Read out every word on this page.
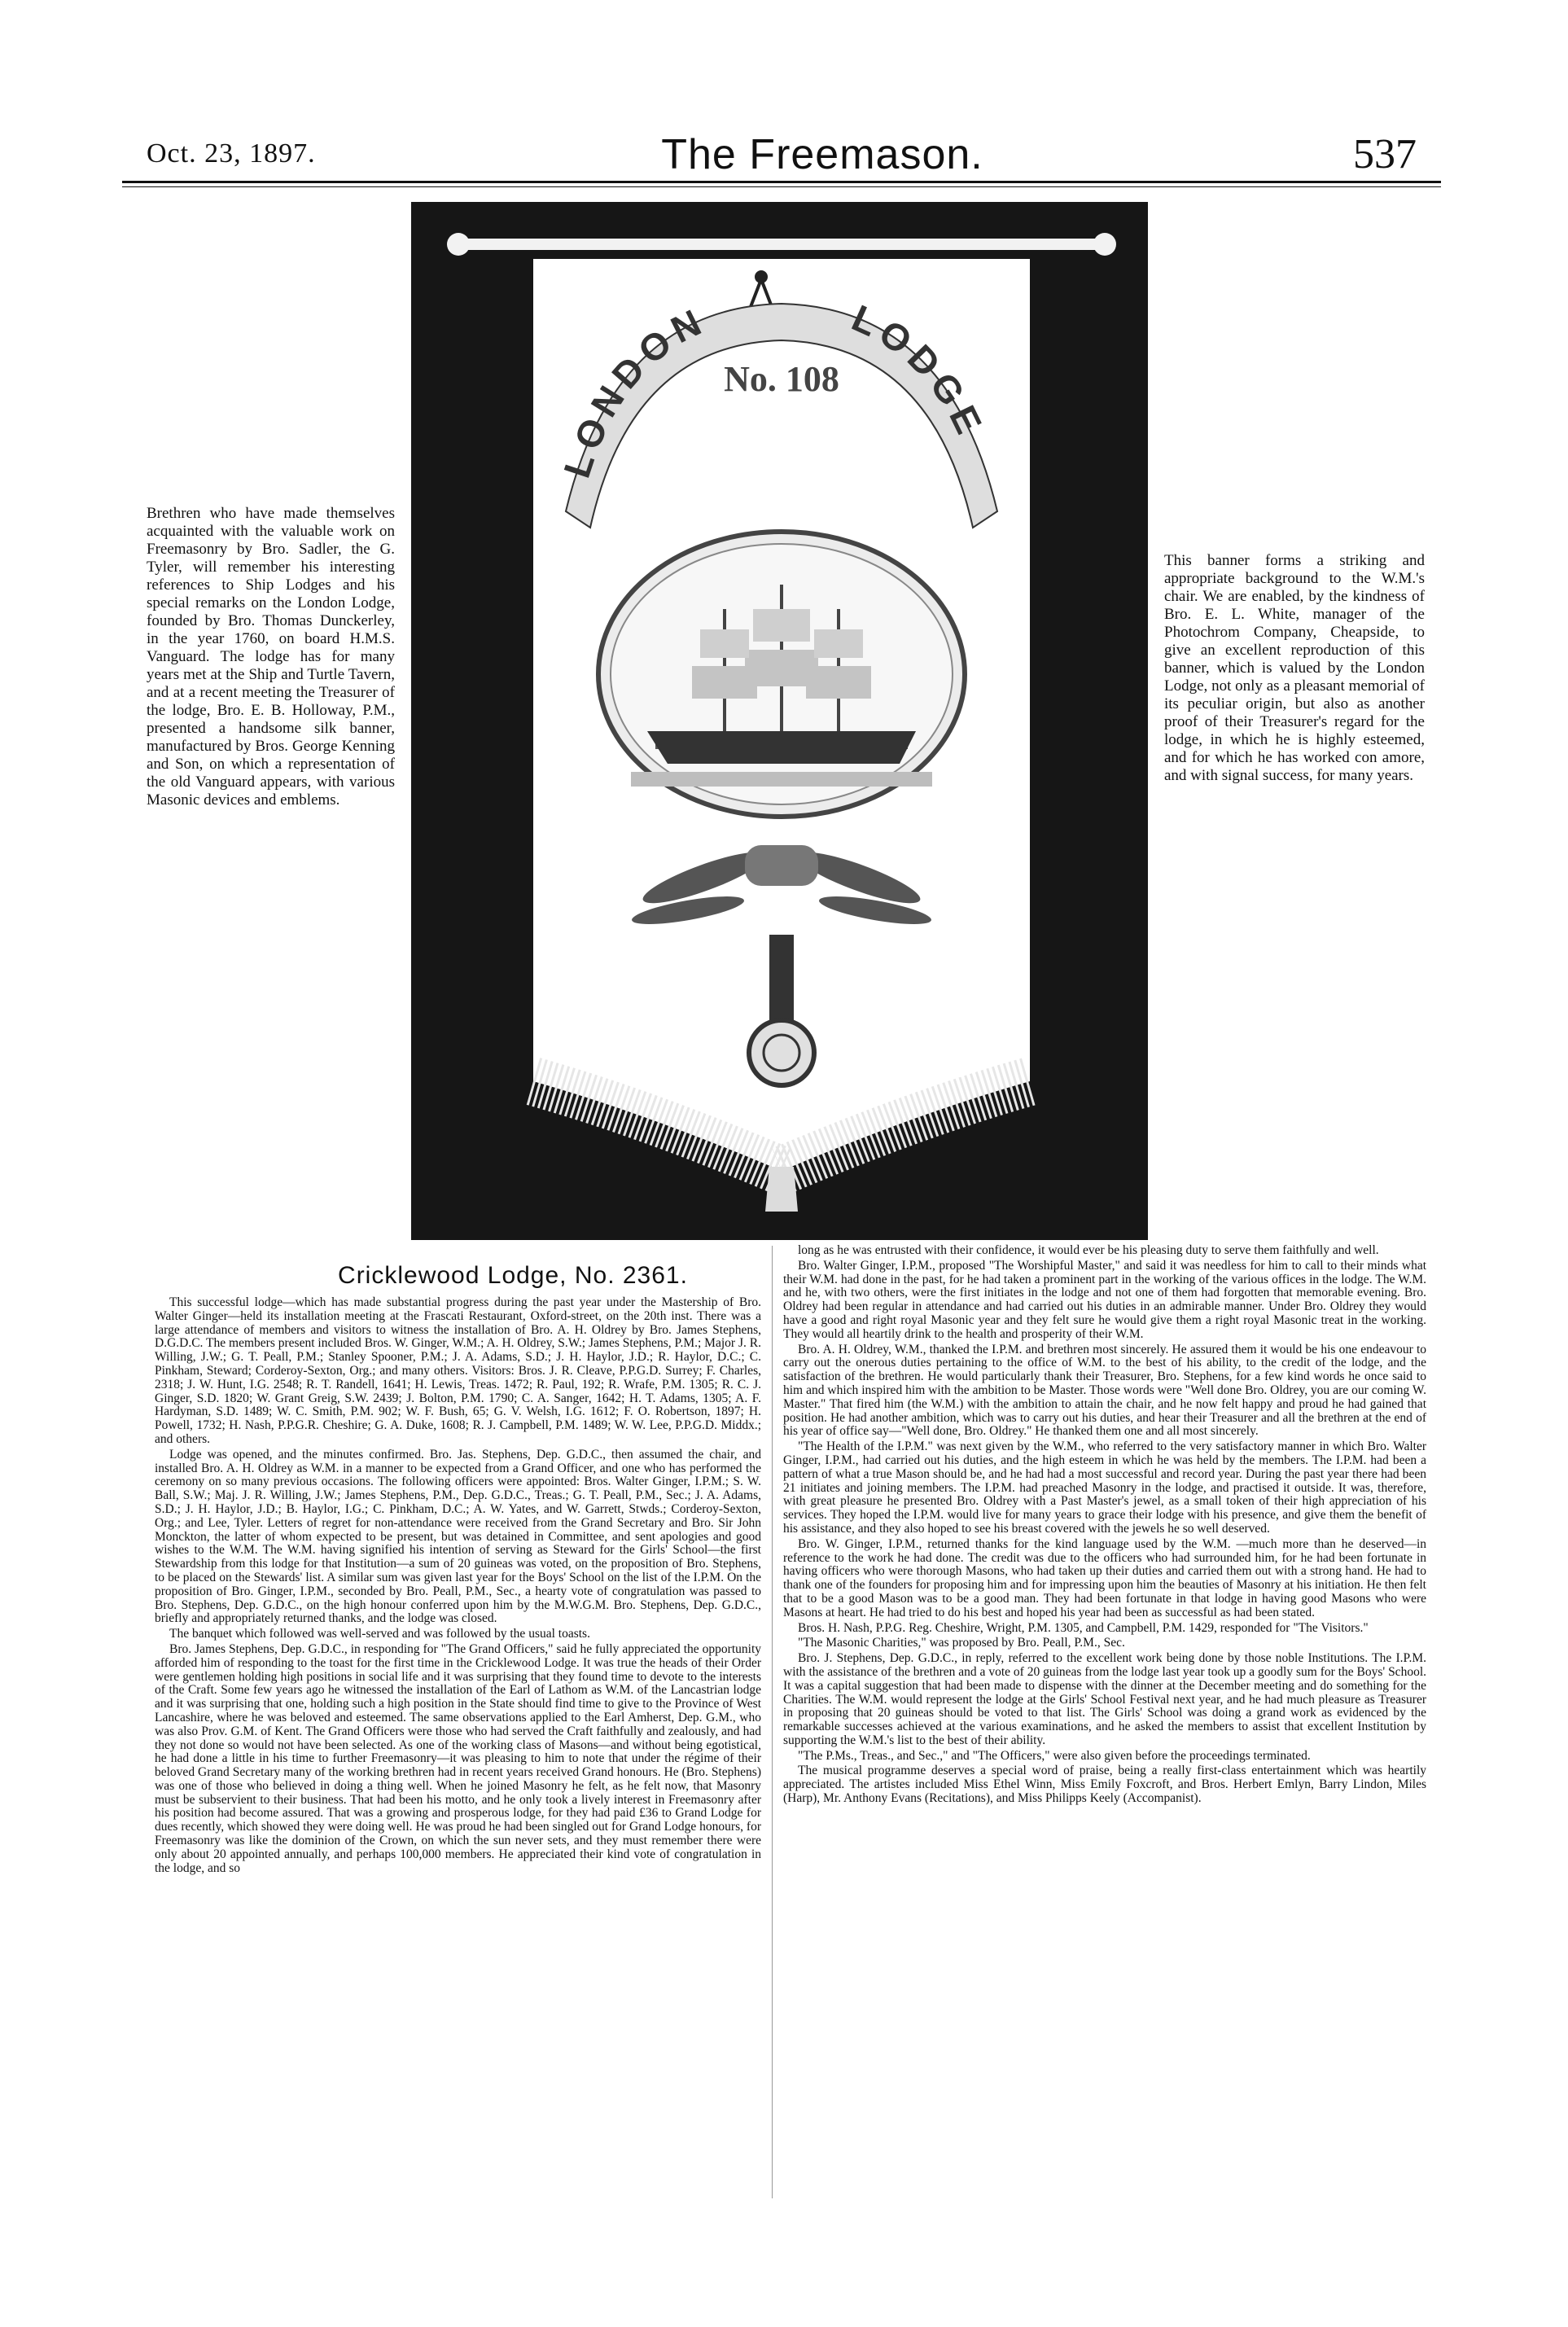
Oct. 23, 1897.	The Freemason.	537
LONDON	LODGE
No. 108
Brethren who have made themselves acquainted with the valuable work on Freemasonry by Bro. Sadler, the G. Tyler, will remember his interesting references to Ship Lodges and his special remarks on the London Lodge, founded by Bro. Thomas Dunckerley, in the year 1760, on board H.M.S. Vanguard. The lodge has for many years met at the Ship and Turtle Tavern, and at a recent meeting the Treasurer of the lodge, Bro. E. B. Holloway, P.M., presented a handsome silk banner, manufactured by Bros. George Kenning and Son, on which a representation of the old Vanguard appears, with various Masonic devices and emblems.
This banner forms a striking and appropriate background to the W.M.'s chair. We are enabled, by the kindness of Bro. E. L. White, manager of the Photochrom Company, Cheapside, to give an excellent reproduction of this banner, which is valued by the London Lodge, not only as a pleasant memorial of its peculiar origin, but also as another proof of their Treasurer's regard for the lodge, in which he is highly esteemed, and for which he has worked con amore, and with signal success, for many years.
Cricklewood Lodge, No. 2361.

This successful lodge—which has made substantial progress during the past year under the Mastership of Bro. Walter Ginger—held its installation meeting at the Frascati Restaurant, Oxford-street, on the 20th inst. There was a large attendance of members and visitors to witness the installation of Bro. A. H. Oldrey by Bro. James Stephens, D.G.D.C. The members present included Bros. W. Ginger, W.M.; A. H. Oldrey, S.W.; James Stephens, P.M.; Major J. R. Willing, J.W.; G. T. Peall, P.M.; Stanley Spooner, P.M.; J. A. Adams, S.D.; J. H. Haylor, J.D.; R. Haylor, D.C.; C. Pinkham, Steward; Corderoy-Sexton, Org.; and many others. Visitors: Bros. J. R. Cleave, P.P.G.D. Surrey; F. Charles, 2318; J. W. Hunt, I.G. 2548; R. T. Randell, 1641; H. Lewis, Treas. 1472; R. Paul, 192; R. Wrafe, P.M. 1305; R. C. J. Ginger, S.D. 1820; W. Grant Greig, S.W. 2439; J. Bolton, P.M. 1790; C. A. Sanger, 1642; H. T. Adams, 1305; A. F. Hardyman, S.D. 1489; W. C. Smith, P.M. 902; W. F. Bush, 65; G. V. Welsh, I.G. 1612; F. O. Robertson, 1897; H. Powell, 1732; H. Nash, P.P.G.R. Cheshire; G. A. Duke, 1608; R. J. Campbell, P.M. 1489; W. W. Lee, P.P.G.D. Middx.; and others.

Lodge was opened, and the minutes confirmed. Bro. Jas. Stephens, Dep. G.D.C., then assumed the chair, and installed Bro. A. H. Oldrey as W.M. in a manner to be expected from a Grand Officer, and one who has performed the ceremony on so many previous occasions. The following officers were appointed: Bros. Walter Ginger, I.P.M.; S. W. Ball, S.W.; Maj. J. R. Willing, J.W.; James Stephens, P.M., Dep. G.D.C., Treas.; G. T. Peall, P.M., Sec.; J. A. Adams, S.D.; J. H. Haylor, J.D.; B. Haylor, I.G.; C. Pinkham, D.C.; A. W. Yates, and W. Garrett, Stwds.; Corderoy-Sexton, Org.; and Lee, Tyler. Letters of regret for non-attendance were received from the Grand Secretary and Bro. Sir John Monckton, the latter of whom expected to be present, but was detained in Committee, and sent apologies and good wishes to the W.M. The W.M. having signified his intention of serving as Steward for the Girls' School—the first Stewardship from this lodge for that Institution—a sum of 20 guineas was voted, on the proposition of Bro. Stephens, to be placed on the Stewards' list. A similar sum was given last year for the Boys' School on the list of the I.P.M. On the proposition of Bro. Ginger, I.P.M., seconded by Bro. Peall, P.M., Sec., a hearty vote of congratulation was passed to Bro. Stephens, Dep. G.D.C., on the high honour conferred upon him by the M.W.G.M. Bro. Stephens, Dep. G.D.C., briefly and appropriately returned thanks, and the lodge was closed.

The banquet which followed was well-served and was followed by the usual toasts.

Bro. James Stephens, Dep. G.D.C., in responding for "The Grand Officers," said he fully appreciated the opportunity afforded him of responding to the toast for the first time in the Cricklewood Lodge. It was true the heads of their Order were gentlemen holding high positions in social life and it was surprising that they found time to devote to the interests of the Craft. Some few years ago he witnessed the installation of the Earl of Lathom as W.M. of the Lancastrian lodge and it was surprising that one, holding such a high position in the State should find time to give to the Province of West Lancashire, where he was beloved and esteemed. The same observations applied to the Earl Amherst, Dep. G.M., who was also Prov. G.M. of Kent. The Grand Officers were those who had served the Craft faithfully and zealously, and had they not done so would not have been selected. As one of the working class of Masons—and without being egotistical, he had done a little in his time to further Freemasonry—it was pleasing to him to note that under the régime of their beloved Grand Secretary many of the working brethren had in recent years received Grand honours. He (Bro. Stephens) was one of those who believed in doing a thing well. When he joined Masonry he felt, as he felt now, that Masonry must be subservient to their business. That had been his motto, and he only took a lively interest in Freemasonry after his position had become assured. That was a growing and prosperous lodge, for they had paid £36 to Grand Lodge for dues recently, which showed they were doing well. He was proud he had been singled out for Grand Lodge honours, for Freemasonry was like the dominion of the Crown, on which the sun never sets, and they must remember there were only about 20 appointed annually, and perhaps 100,000 members. He appreciated their kind vote of congratulation in the lodge, and so

long as he was entrusted with their confidence, it would ever be his pleasing duty to serve them faithfully and well.

Bro. Walter Ginger, I.P.M., proposed "The Worshipful Master," and said it was needless for him to call to their minds what their W.M. had done in the past, for he had taken a prominent part in the working of the various offices in the lodge. The W.M. and he, with two others, were the first initiates in the lodge and not one of them had forgotten that memorable evening. Bro. Oldrey had been regular in attendance and had carried out his duties in an admirable manner. Under Bro. Oldrey they would have a good and right royal Masonic year and they felt sure he would give them a right royal Masonic treat in the working. They would all heartily drink to the health and prosperity of their W.M.

Bro. A. H. Oldrey, W.M., thanked the I.P.M. and brethren most sincerely. He assured them it would be his one endeavour to carry out the onerous duties pertaining to the office of W.M. to the best of his ability, to the credit of the lodge, and the satisfaction of the brethren. He would particularly thank their Treasurer, Bro. Stephens, for a few kind words he once said to him and which inspired him with the ambition to be Master. Those words were "Well done Bro. Oldrey, you are our coming W. Master." That fired him (the W.M.) with the ambition to attain the chair, and he now felt happy and proud he had gained that position. He had another ambition, which was to carry out his duties, and hear their Treasurer and all the brethren at the end of his year of office say—"Well done, Bro. Oldrey." He thanked them one and all most sincerely.

"The Health of the I.P.M." was next given by the W.M., who referred to the very satisfactory manner in which Bro. Walter Ginger, I.P.M., had carried out his duties, and the high esteem in which he was held by the members. The I.P.M. had been a pattern of what a true Mason should be, and he had had a most successful and record year. During the past year there had been 21 initiates and joining members. The I.P.M. had preached Masonry in the lodge, and practised it outside. It was, therefore, with great pleasure he presented Bro. Oldrey with a Past Master's jewel, as a small token of their high appreciation of his services. They hoped the I.P.M. would live for many years to grace their lodge with his presence, and give them the benefit of his assistance, and they also hoped to see his breast covered with the jewels he so well deserved.

Bro. W. Ginger, I.P.M., returned thanks for the kind language used by the W.M. —much more than he deserved—in reference to the work he had done. The credit was due to the officers who had surrounded him, for he had been fortunate in having officers who were thorough Masons, who had taken up their duties and carried them out with a strong hand. He had to thank one of the founders for proposing him and for impressing upon him the beauties of Masonry at his initiation. He then felt that to be a good Mason was to be a good man. They had been fortunate in that lodge in having good Masons who were Masons at heart. He had tried to do his best and hoped his year had been as successful as had been stated.

Bros. H. Nash, P.P.G. Reg. Cheshire, Wright, P.M. 1305, and Campbell, P.M. 1429, responded for "The Visitors."

"The Masonic Charities," was proposed by Bro. Peall, P.M., Sec.

Bro. J. Stephens, Dep. G.D.C., in reply, referred to the excellent work being done by those noble Institutions. The I.P.M. with the assistance of the brethren and a vote of 20 guineas from the lodge last year took up a goodly sum for the Boys' School. It was a capital suggestion that had been made to dispense with the dinner at the December meeting and do something for the Charities. The W.M. would represent the lodge at the Girls' School Festival next year, and he had much pleasure as Treasurer in proposing that 20 guineas should be voted to that list. The Girls' School was doing a grand work as evidenced by the remarkable successes achieved at the various examinations, and he asked the members to assist that excellent Institution by supporting the W.M.'s list to the best of their ability.

"The P.Ms., Treas., and Sec.," and "The Officers," were also given before the proceedings terminated.

The musical programme deserves a special word of praise, being a really first-class entertainment which was heartily appreciated. The artistes included Miss Ethel Winn, Miss Emily Foxcroft, and Bros. Herbert Emlyn, Barry Lindon, Miles (Harp), Mr. Anthony Evans (Recitations), and Miss Philipps Keely (Accompanist).
